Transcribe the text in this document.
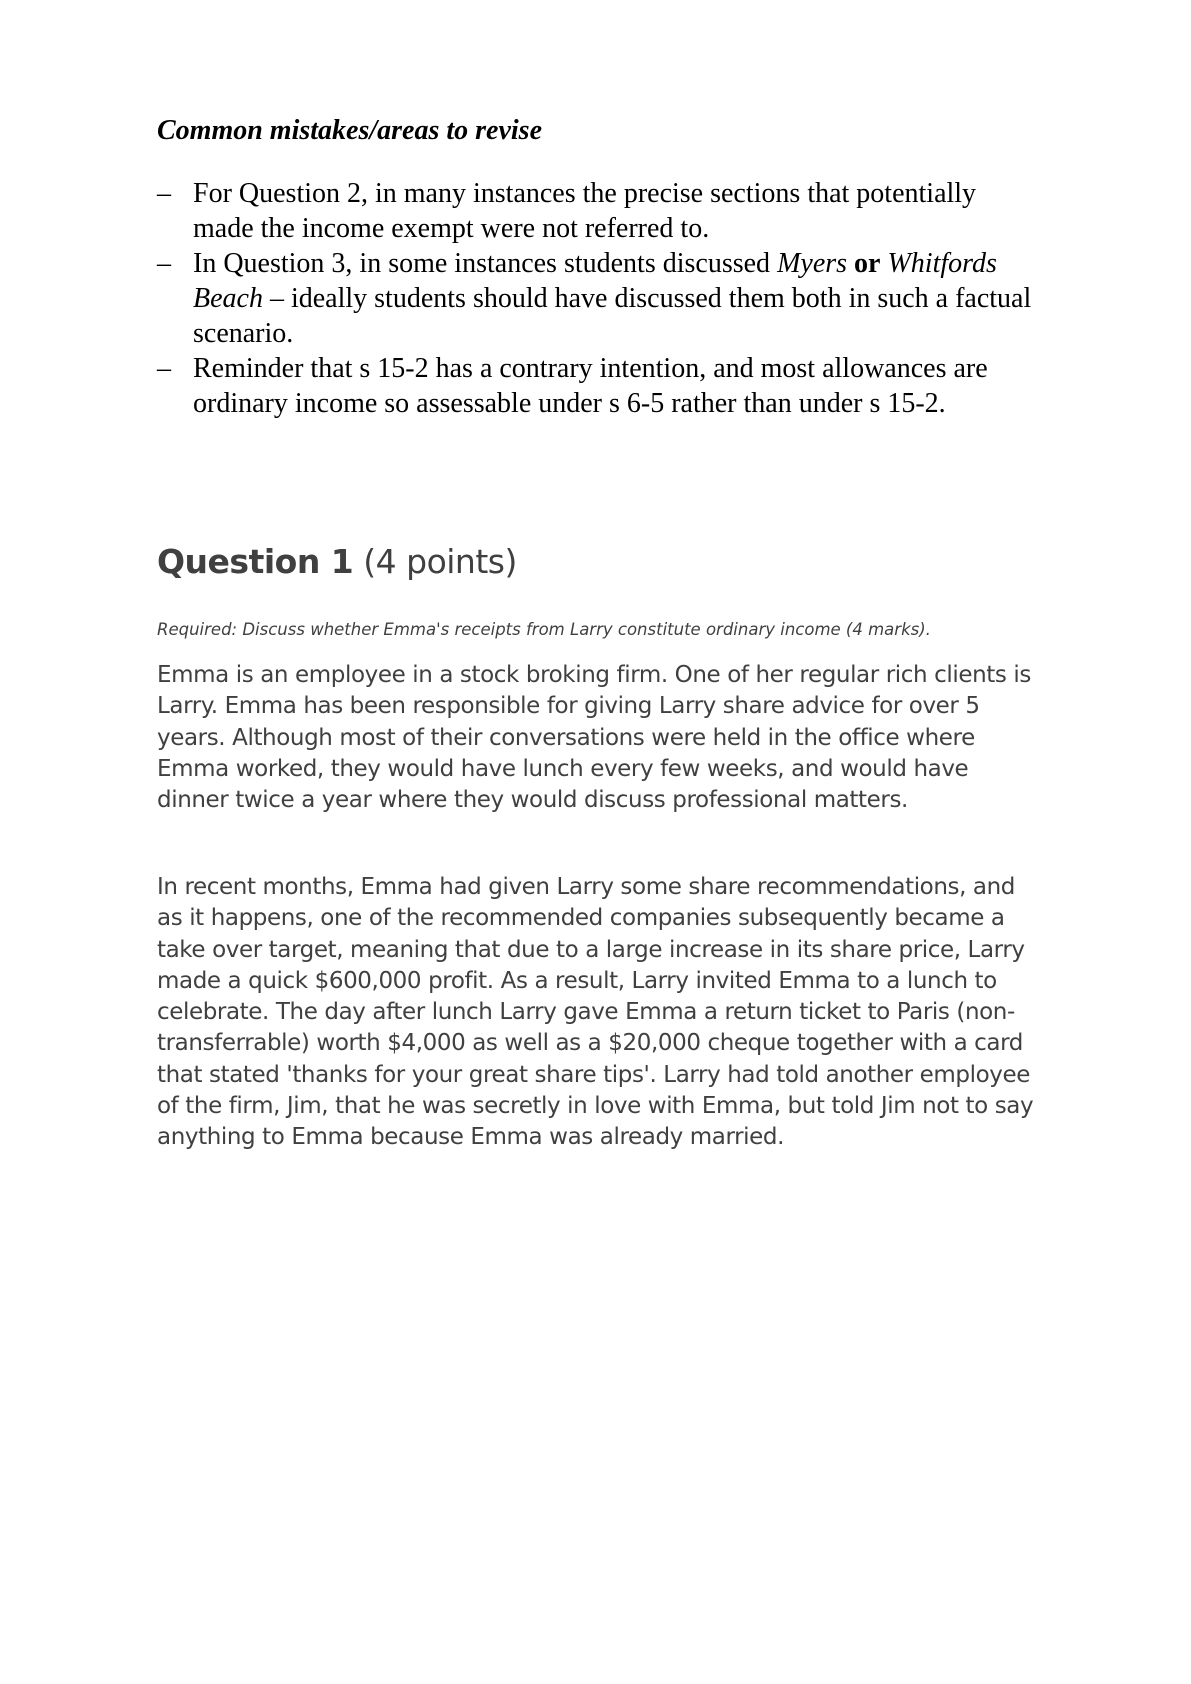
Common mistakes/areas to revise
– For Question 2, in many instances the precise sections that potentially made the income exempt were not referred to.
– In Question 3, in some instances students discussed Myers or Whitfords Beach – ideally students should have discussed them both in such a factual scenario.
– Reminder that s 15-2 has a contrary intention, and most allowances are ordinary income so assessable under s 6-5 rather than under s 15-2.
Question 1 (4 points)

Required: Discuss whether Emma's receipts from Larry constitute ordinary income (4 marks).

Emma is an employee in a stock broking firm. One of her regular rich clients is Larry. Emma has been responsible for giving Larry share advice for over 5 years. Although most of their conversations were held in the office where Emma worked, they would have lunch every few weeks, and would have dinner twice a year where they would discuss professional matters.

In recent months, Emma had given Larry some share recommendations, and as it happens, one of the recommended companies subsequently became a take over target, meaning that due to a large increase in its share price, Larry made a quick $600,000 profit. As a result, Larry invited Emma to a lunch to celebrate. The day after lunch Larry gave Emma a return ticket to Paris (non-transferrable) worth $4,000 as well as a $20,000 cheque together with a card that stated 'thanks for your great share tips'. Larry had told another employee of the firm, Jim, that he was secretly in love with Emma, but told Jim not to say anything to Emma because Emma was already married.
